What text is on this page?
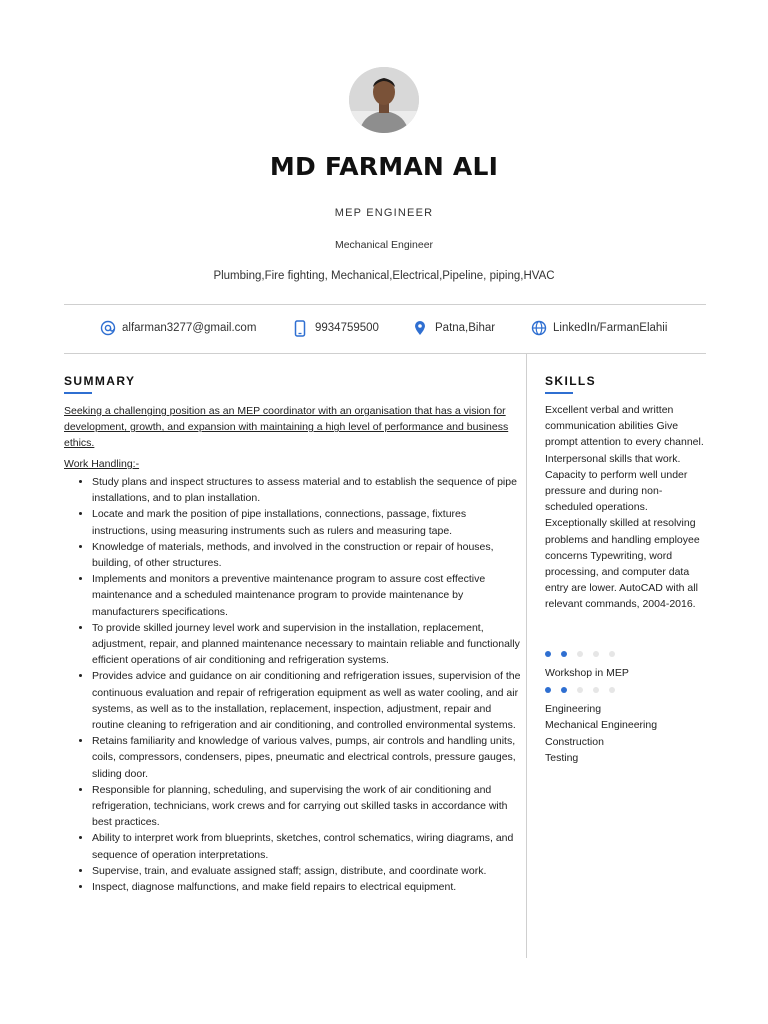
MD FARMAN ALI
MEP ENGINEER
Mechanical Engineer
Plumbing,Fire fighting, Mechanical,Electrical,Pipeline, piping,HVAC
alfarman3277@gmail.com	9934759500	Patna,Bihar	LinkedIn/FarmanElahii
SUMMARY
Seeking a challenging position as an MEP coordinator with an organisation that has a vision for development, growth, and expansion with maintaining a high level of performance and business ethics.
Work Handling:-
• Study plans and inspect structures to assess material and to establish the sequence of pipe installations, and to plan installation.
• Locate and mark the position of pipe installations, connections, passage, fixtures instructions, using measuring instruments such as rulers and measuring tape.
• Knowledge of materials, methods, and involved in the construction or repair of houses, building, of other structures.
• Implements and monitors a preventive maintenance program to assure cost effective maintenance and a scheduled maintenance program to provide maintenance by manufacturers specifications.
• To provide skilled journey level work and supervision in the installation, replacement, adjustment, repair, and planned maintenance necessary to maintain reliable and functionally efficient operations of air conditioning and refrigeration systems.
• Provides advice and guidance on air conditioning and refrigeration issues, supervision of the continuous evaluation and repair of refrigeration equipment as well as water cooling, and air systems, as well as to the installation, replacement, inspection, adjustment, repair and routine cleaning to refrigeration and air conditioning, and controlled environmental systems.
• Retains familiarity and knowledge of various valves, pumps, air controls and handling units, coils, compressors, condensers, pipes, pneumatic and electrical controls, pressure gauges, sliding door.
• Responsible for planning, scheduling, and supervising the work of air conditioning and refrigeration, technicians, work crews and for carrying out skilled tasks in accordance with best practices.
• Ability to interpret work from blueprints, sketches, control schematics, wiring diagrams, and sequence of operation interpretations.
• Supervise, train, and evaluate assigned staff; assign, distribute, and coordinate work.
• Inspect, diagnose malfunctions, and make field repairs to electrical equipment.
SKILLS
Excellent verbal and written communication abilities Give prompt attention to every channel. Interpersonal skills that work. Capacity to perform well under pressure and during non-scheduled operations. Exceptionally skilled at resolving problems and handling employee concerns Typewriting, word processing, and computer data entry are lower. AutoCAD with all relevant commands, 2004-2016.
Workshop in MEP
Engineering
Mechanical Engineering
Construction
Testing
